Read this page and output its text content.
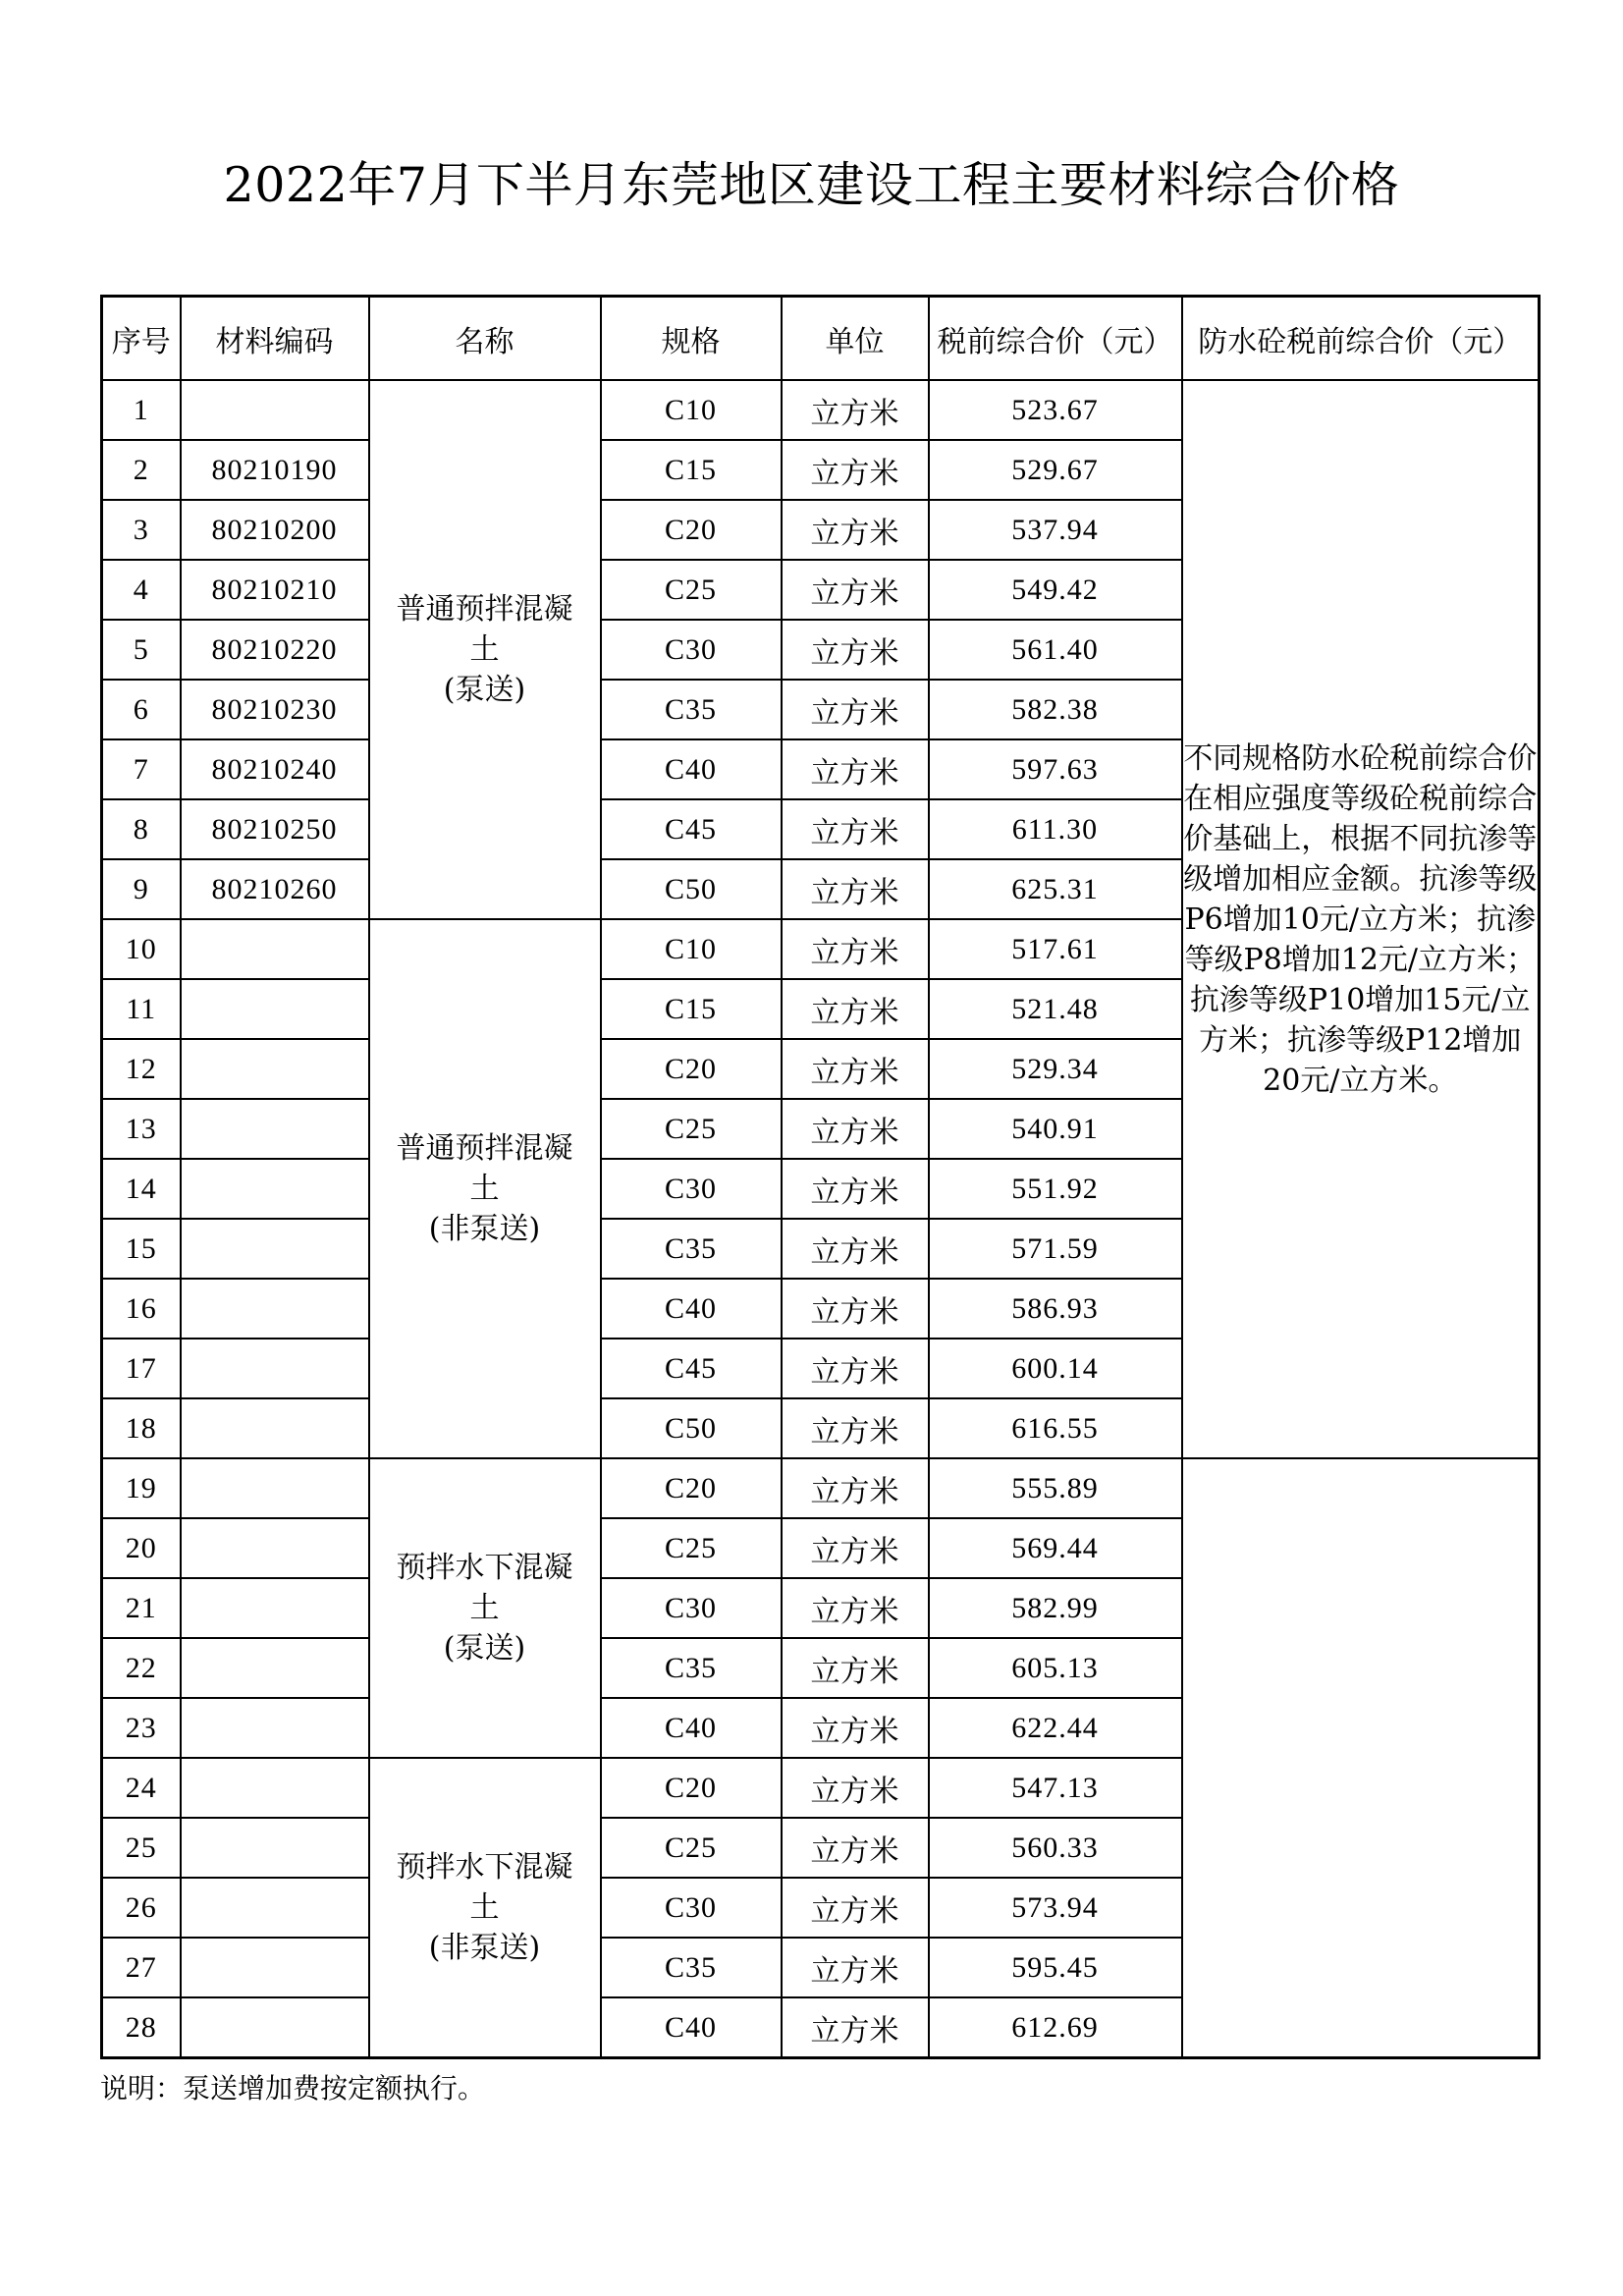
2022年7月下半月东莞地区建设工程主要材料综合价格
序号	材料编码	名称	规格	单位	税前综合价（元）	防水砼税前综合价（元）
1		普通预拌混凝
土
(泵送)	C10	立方米	523.67	不同规格防水砼税前综合价在相应强度等级砼税前综合价基础上，根据不同抗渗等级增加相应金额。抗渗等级P6增加10元/立方米；抗渗等级P8增加12元/立方米；抗渗等级P10增加15元/立方米；抗渗等级P12增加20元/立方米。
2	80210190		C15	立方米	529.67	
3	80210200		C20	立方米	537.94	
4	80210210		C25	立方米	549.42	
5	80210220		C30	立方米	561.40	
6	80210230		C35	立方米	582.38	
7	80210240		C40	立方米	597.63	
8	80210250		C45	立方米	611.30	
9	80210260		C50	立方米	625.31	
10		普通预拌混凝
土
(非泵送)	C10	立方米	517.61	
11			C15	立方米	521.48	
12			C20	立方米	529.34	
13			C25	立方米	540.91	
14			C30	立方米	551.92	
15			C35	立方米	571.59	
16			C40	立方米	586.93	
17			C45	立方米	600.14	
18			C50	立方米	616.55	
19		预拌水下混凝
土
(泵送)	C20	立方米	555.89	
20			C25	立方米	569.44	
21			C30	立方米	582.99	
22			C35	立方米	605.13	
23			C40	立方米	622.44	
24		预拌水下混凝
土
(非泵送)	C20	立方米	547.13	
25			C25	立方米	560.33	
26			C30	立方米	573.94	
27			C35	立方米	595.45	
28			C40	立方米	612.69	
说明：泵送增加费按定额执行。
